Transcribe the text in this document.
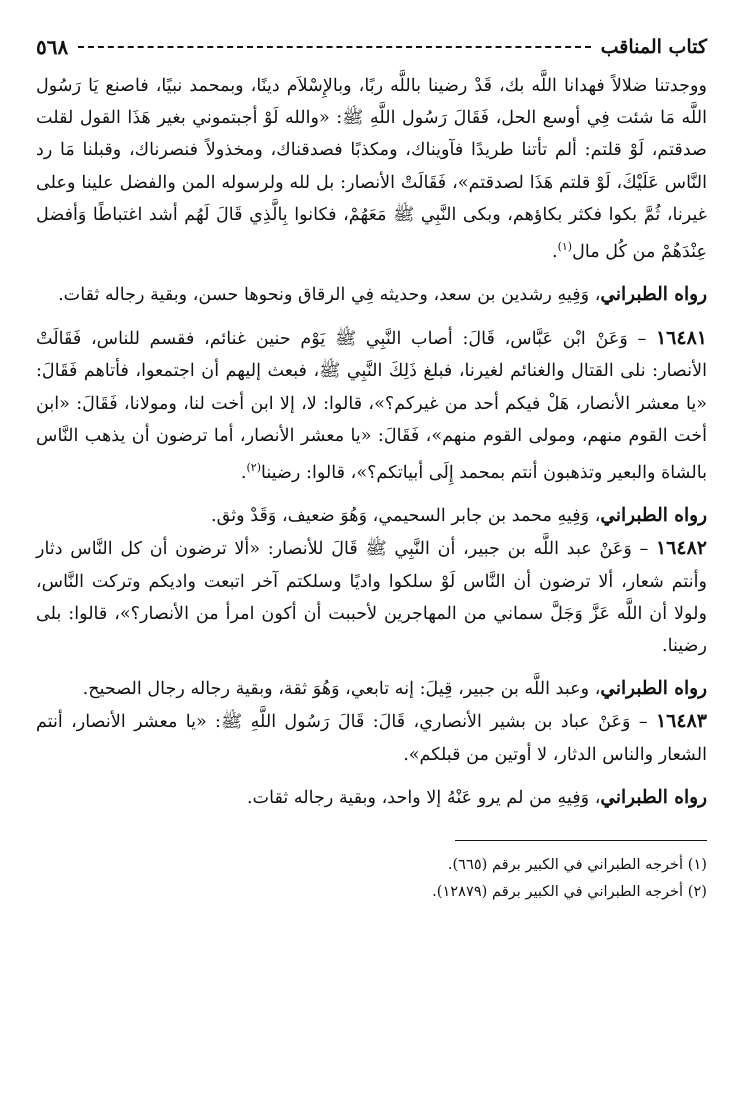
كتاب المناقب
٥٦٨

ووجدتنا ضلالاً فهدانا اللَّه بك، قَدْ رضينا باللَّه ربًا، وبالإِسْلاَم دينًا، وبمحمد نبيًا، فاصنع يَا رَسُول اللَّه مَا شئت فِي أوسع الحل، فَقَالَ رَسُول اللَّهِ ﷺ: «والله لَوْ أجبتموني بغير هَذَا القول لقلت صدقتم، لَوْ قلتم: ألم تأتنا طريدًا فآويناك، ومكذبًا فصدقناك، ومخذولاً فنصرناك، وقبلنا مَا رد النَّاس عَلَيْكَ، لَوْ قلتم هَذَا لصدقتم»، فَقَالَتْ الأنصار: بل لله ولرسوله المن والفضل علينا وعلى غيرنا، ثُمَّ بكوا فكثر بكاؤهم، وبكى النَّبِي ﷺ مَعَهُمْ، فكانوا بِالَّذِي قَالَ لَهُم أشد اغتباطًا وَأفضل عِنْدَهُمْ من كُل مال$^{(١)}$.

رواه الطبراني، وَفِيهِ رشدين بن سعد، وحديثه فِي الرقاق ونحوها حسن، وبقية رجاله ثقات.

١٦٤٨١ – وَعَنْ ابْن عَبَّاس، قَالَ: أصاب النَّبِي ﷺ يَوْم حنين غنائم، فقسم للناس، فَقَالَتْ الأنصار: نلى القتال والغنائم لغيرنا، فبلغ ذَلِكَ النَّبِي ﷺ، فبعث إليهم أن اجتمعوا، فأتاهم فَقَالَ: «يا معشر الأنصار، هَلْ فيكم أحد من غيركم؟»، قالوا: لا، إلا ابن أخت لنا، ومولانا، فَقَالَ: «ابن أخت القوم منهم، ومولى القوم منهم»، فَقَالَ: «يا معشر الأنصار، أما ترضون أن يذهب النَّاس بالشاة والبعير وتذهبون أنتم بمحمد إِلَى أبياتكم؟»، قالوا: رضينا$^{(٢)}$.

رواه الطبراني، وَفِيهِ محمد بن جابر السحيمي، وَهُوَ ضعيف، وَقَدْ وثق.

١٦٤٨٢ – وَعَنْ عبد اللَّه بن جبير، أن النَّبِي ﷺ قَالَ للأنصار: «ألا ترضون أن كل النَّاس دثار وأنتم شعار، ألا ترضون أن النَّاس لَوْ سلكوا واديًا وسلكتم آخر اتبعت واديكم وتركت النَّاس، ولولا أن اللَّه عَزَّ وَجَلَّ سماني من المهاجرين لأحببت أن أكون امرأ من الأنصار؟»، قالوا: بلى رضينا.

رواه الطبراني، وعبد اللَّه بن جبير، قِيلَ: إنه تابعي، وَهُوَ ثقة، وبقية رجاله رجال الصحيح.

١٦٤٨٣ – وَعَنْ عباد بن بشير الأنصاري، قَالَ: قَالَ رَسُول اللَّهِ ﷺ: «يا معشر الأنصار، أنتم الشعار والناس الدثار، لا أوتين من قبلكم».

رواه الطبراني، وَفِيهِ من لم يرو عَنْهُ إلا واحد، وبقية رجاله ثقات.

(١) أخرجه الطبراني في الكبير برقم (٦٦٥).

(٢) أخرجه الطبراني في الكبير برقم (١٢٨٧٩).
